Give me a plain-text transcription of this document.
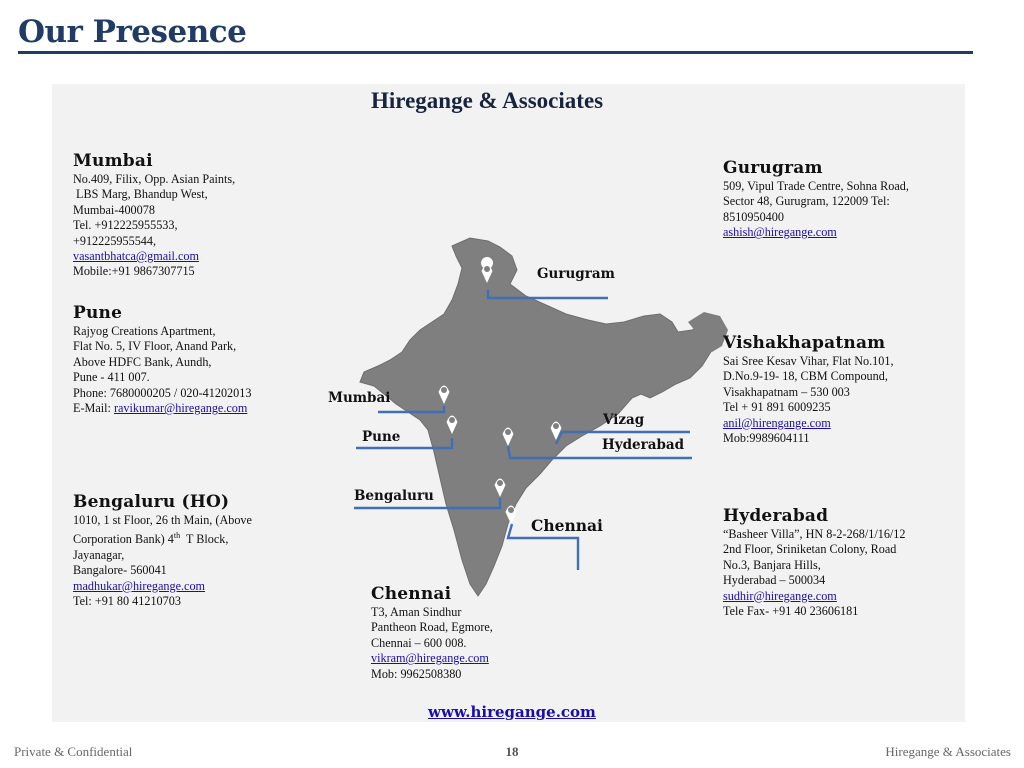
Our Presence
Hiregange & Associates
Gurugram
Mumbai
Pune
Vizag
Hyderabad
Bengaluru
Chennai
Mumbai
No.409, Filix, Opp. Asian Paints,
LBS Marg, Bhandup West,
Mumbai-400078
Tel. +912225955533,
+912225955544,
vasantbhatca@gmail.com
Mobile:+91 9867307715
Pune
Rajyog Creations Apartment,
Flat No. 5, IV Floor, Anand Park,
Above HDFC Bank, Aundh,
Pune - 411 007.
Phone: 7680000205 / 020-41202013
E-Mail: ravikumar@hiregange.com
Bengaluru (HO)
1010, 1 st Floor, 26 th Main, (Above
Corporation Bank) 4th  T Block,
Jayanagar,
Bangalore- 560041
madhukar@hiregange.com
Tel: +91 80 41210703	Chennai
T3, Aman Sindhur
Pantheon Road, Egmore,
Chennai – 600 008.
vikram@hiregange.com
Mob: 9962508380
Gurugram
509, Vipul Trade Centre, Sohna Road,
Sector 48, Gurugram, 122009 Tel:
8510950400
ashish@hiregange.com
Vishakhapatnam
Sai Sree Kesav Vihar, Flat No.101,
D.No.9-19- 18, CBM Compound,
Visakhapatnam – 530 003
Tel + 91 891 6009235
anil@hirengange.com
Mob:9989604111
Hyderabad
“Basheer Villa”, HN 8-2-268/1/16/12
2nd Floor, Sriniketan Colony, Road
No.3, Banjara Hills,
Hyderabad – 500034
sudhir@hiregange.com
Tele Fax- +91 40 23606181
www.hiregange.com
Private & Confidential	18	Hiregange & Associates
